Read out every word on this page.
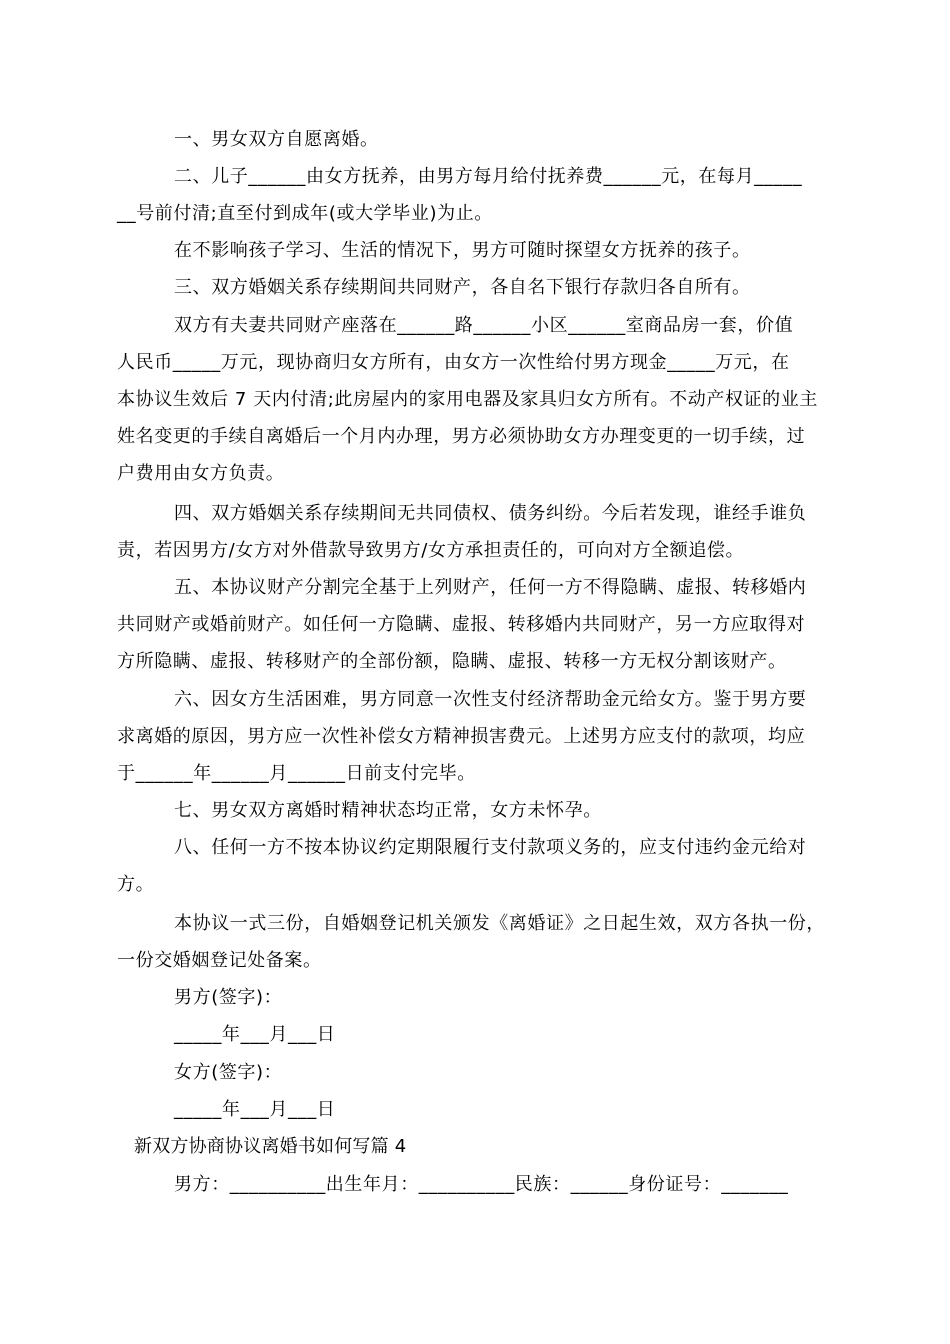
一、男女双方自愿离婚。
二、儿子______由女方抚养，由男方每月给付抚养费______元，在每月_____
__号前付清;直至付到成年(或大学毕业)为止。
在不影响孩子学习、生活的情况下，男方可随时探望女方抚养的孩子。
三、双方婚姻关系存续期间共同财产，各自名下银行存款归各自所有。
双方有夫妻共同财产座落在______路______小区______室商品房一套，价值
人民币_____万元，现协商归女方所有，由女方一次性给付男方现金_____万元，在
本协议生效后 7 天内付清;此房屋内的家用电器及家具归女方所有。不动产权证的业主
姓名变更的手续自离婚后一个月内办理，男方必须协助女方办理变更的一切手续，过
户费用由女方负责。
四、双方婚姻关系存续期间无共同债权、债务纠纷。今后若发现，谁经手谁负
责，若因男方/女方对外借款导致男方/女方承担责任的，可向对方全额追偿。
五、本协议财产分割完全基于上列财产，任何一方不得隐瞒、虚报、转移婚内
共同财产或婚前财产。如任何一方隐瞒、虚报、转移婚内共同财产，另一方应取得对
方所隐瞒、虚报、转移财产的全部份额，隐瞒、虚报、转移一方无权分割该财产。
六、因女方生活困难，男方同意一次性支付经济帮助金元给女方。鉴于男方要
求离婚的原因，男方应一次性补偿女方精神损害费元。上述男方应支付的款项，均应
于______年______月______日前支付完毕。
七、男女双方离婚时精神状态均正常，女方未怀孕。
八、任何一方不按本协议约定期限履行支付款项义务的，应支付违约金元给对
方。
本协议一式三份，自婚姻登记机关颁发《离婚证》之日起生效，双方各执一份，
一份交婚姻登记处备案。
男方(签字)：
_____年___月___日
女方(签字)：
_____年___月___日
新双方协商协议离婚书如何写篇 4
男方：__________出生年月：__________民族：______身份证号：_______
